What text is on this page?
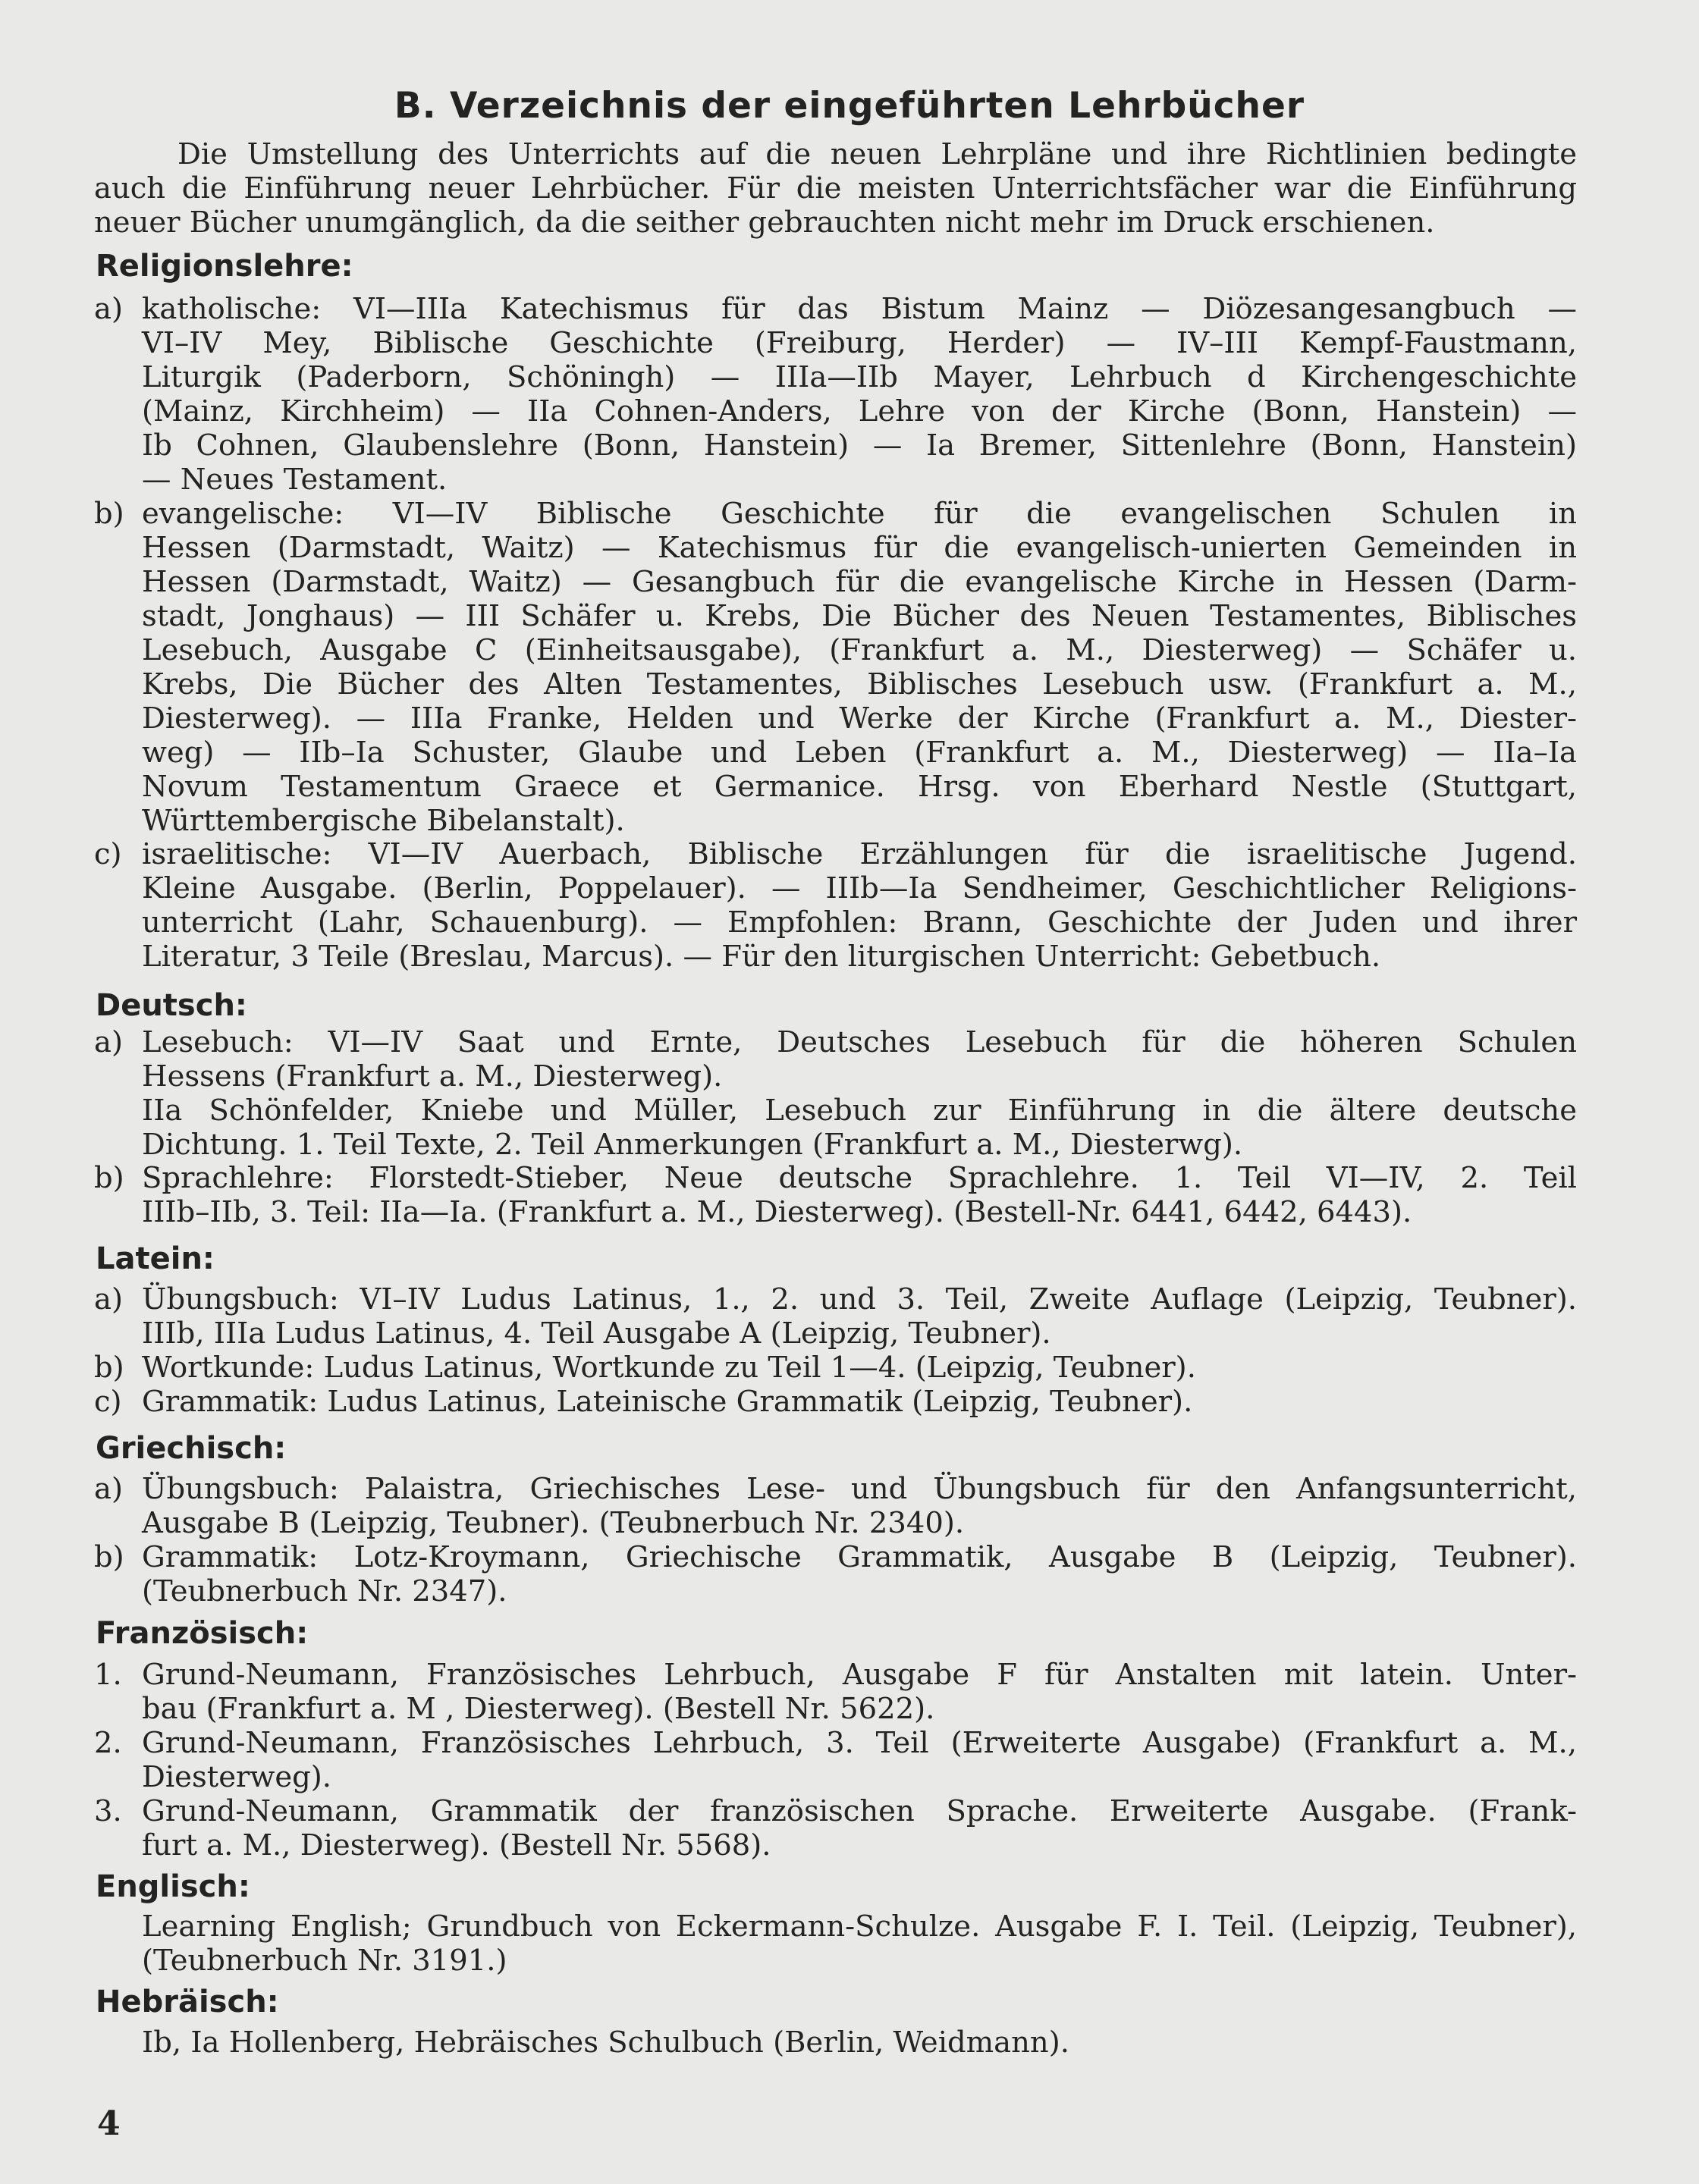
B. Verzeichnis der eingeführten Lehrbücher
Die Umstellung des Unterrichts auf die neuen Lehrpläne und ihre Richtlinien bedingte
auch die Einführung neuer Lehrbücher. Für die meisten Unterrichtsfächer war die Einführung
neuer Bücher unumgänglich, da die seither gebrauchten nicht mehr im Druck erschienen.
Religionslehre:
a) katholische: VI—IIIa Katechismus für das Bistum Mainz — Diözesangesangbuch —
VI–IV Mey, Biblische Geschichte (Freiburg, Herder) — IV–III Kempf-Faustmann,
Liturgik (Paderborn, Schöningh) — IIIa—IIb Mayer, Lehrbuch d Kirchengeschichte
(Mainz, Kirchheim) — IIa Cohnen-Anders, Lehre von der Kirche (Bonn, Hanstein) —
Ib Cohnen, Glaubenslehre (Bonn, Hanstein) — Ia Bremer, Sittenlehre (Bonn, Hanstein)
— Neues Testament.
b) evangelische: VI—IV Biblische Geschichte für die evangelischen Schulen in
Hessen (Darmstadt, Waitz) — Katechismus für die evangelisch-unierten Gemeinden in
Hessen (Darmstadt, Waitz) — Gesangbuch für die evangelische Kirche in Hessen (Darm-
stadt, Jonghaus) — III Schäfer u. Krebs, Die Bücher des Neuen Testamentes, Biblisches
Lesebuch, Ausgabe C (Einheitsausgabe), (Frankfurt a. M., Diesterweg) — Schäfer u.
Krebs, Die Bücher des Alten Testamentes, Biblisches Lesebuch usw. (Frankfurt a. M.,
Diesterweg). — IIIa Franke, Helden und Werke der Kirche (Frankfurt a. M., Diester-
weg) — IIb–Ia Schuster, Glaube und Leben (Frankfurt a. M., Diesterweg) — IIa–Ia
Novum Testamentum Graece et Germanice. Hrsg. von Eberhard Nestle (Stuttgart,
Württembergische Bibelanstalt).
c) israelitische: VI—IV Auerbach, Biblische Erzählungen für die israelitische Jugend.
Kleine Ausgabe. (Berlin, Poppelauer). — IIIb—Ia Sendheimer, Geschichtlicher Religions-
unterricht (Lahr, Schauenburg). — Empfohlen: Brann, Geschichte der Juden und ihrer
Literatur, 3 Teile (Breslau, Marcus). — Für den liturgischen Unterricht: Gebetbuch.
Deutsch:
a) Lesebuch: VI—IV Saat und Ernte, Deutsches Lesebuch für die höheren Schulen
Hessens (Frankfurt a. M., Diesterweg).
IIa Schönfelder, Kniebe und Müller, Lesebuch zur Einführung in die ältere deutsche
Dichtung. 1. Teil Texte, 2. Teil Anmerkungen (Frankfurt a. M., Diesterwg).
b) Sprachlehre: Florstedt-Stieber, Neue deutsche Sprachlehre. 1. Teil VI—IV, 2. Teil
IIIb–IIb, 3. Teil: IIa—Ia. (Frankfurt a. M., Diesterweg). (Bestell-Nr. 6441, 6442, 6443).
Latein:
a) Übungsbuch: VI–IV Ludus Latinus, 1., 2. und 3. Teil, Zweite Auflage (Leipzig, Teubner).
IIIb, IIIa Ludus Latinus, 4. Teil Ausgabe A (Leipzig, Teubner).
b) Wortkunde: Ludus Latinus, Wortkunde zu Teil 1—4. (Leipzig, Teubner).
c) Grammatik: Ludus Latinus, Lateinische Grammatik (Leipzig, Teubner).
Griechisch:
a) Übungsbuch: Palaistra, Griechisches Lese- und Übungsbuch für den Anfangsunterricht,
Ausgabe B (Leipzig, Teubner). (Teubnerbuch Nr. 2340).
b) Grammatik: Lotz-Kroymann, Griechische Grammatik, Ausgabe B (Leipzig, Teubner).
(Teubnerbuch Nr. 2347).
Französisch:
1. Grund-Neumann, Französisches Lehrbuch, Ausgabe F für Anstalten mit latein. Unter-
bau (Frankfurt a. M , Diesterweg). (Bestell Nr. 5622).
2. Grund-Neumann, Französisches Lehrbuch, 3. Teil (Erweiterte Ausgabe) (Frankfurt a. M.,
Diesterweg).
3. Grund-Neumann, Grammatik der französischen Sprache. Erweiterte Ausgabe. (Frank-
furt a. M., Diesterweg). (Bestell Nr. 5568).
Englisch:
Learning English; Grundbuch von Eckermann-Schulze. Ausgabe F. I. Teil. (Leipzig, Teubner),
(Teubnerbuch Nr. 3191.)
Hebräisch:
Ib, Ia Hollenberg, Hebräisches Schulbuch (Berlin, Weidmann).
4
